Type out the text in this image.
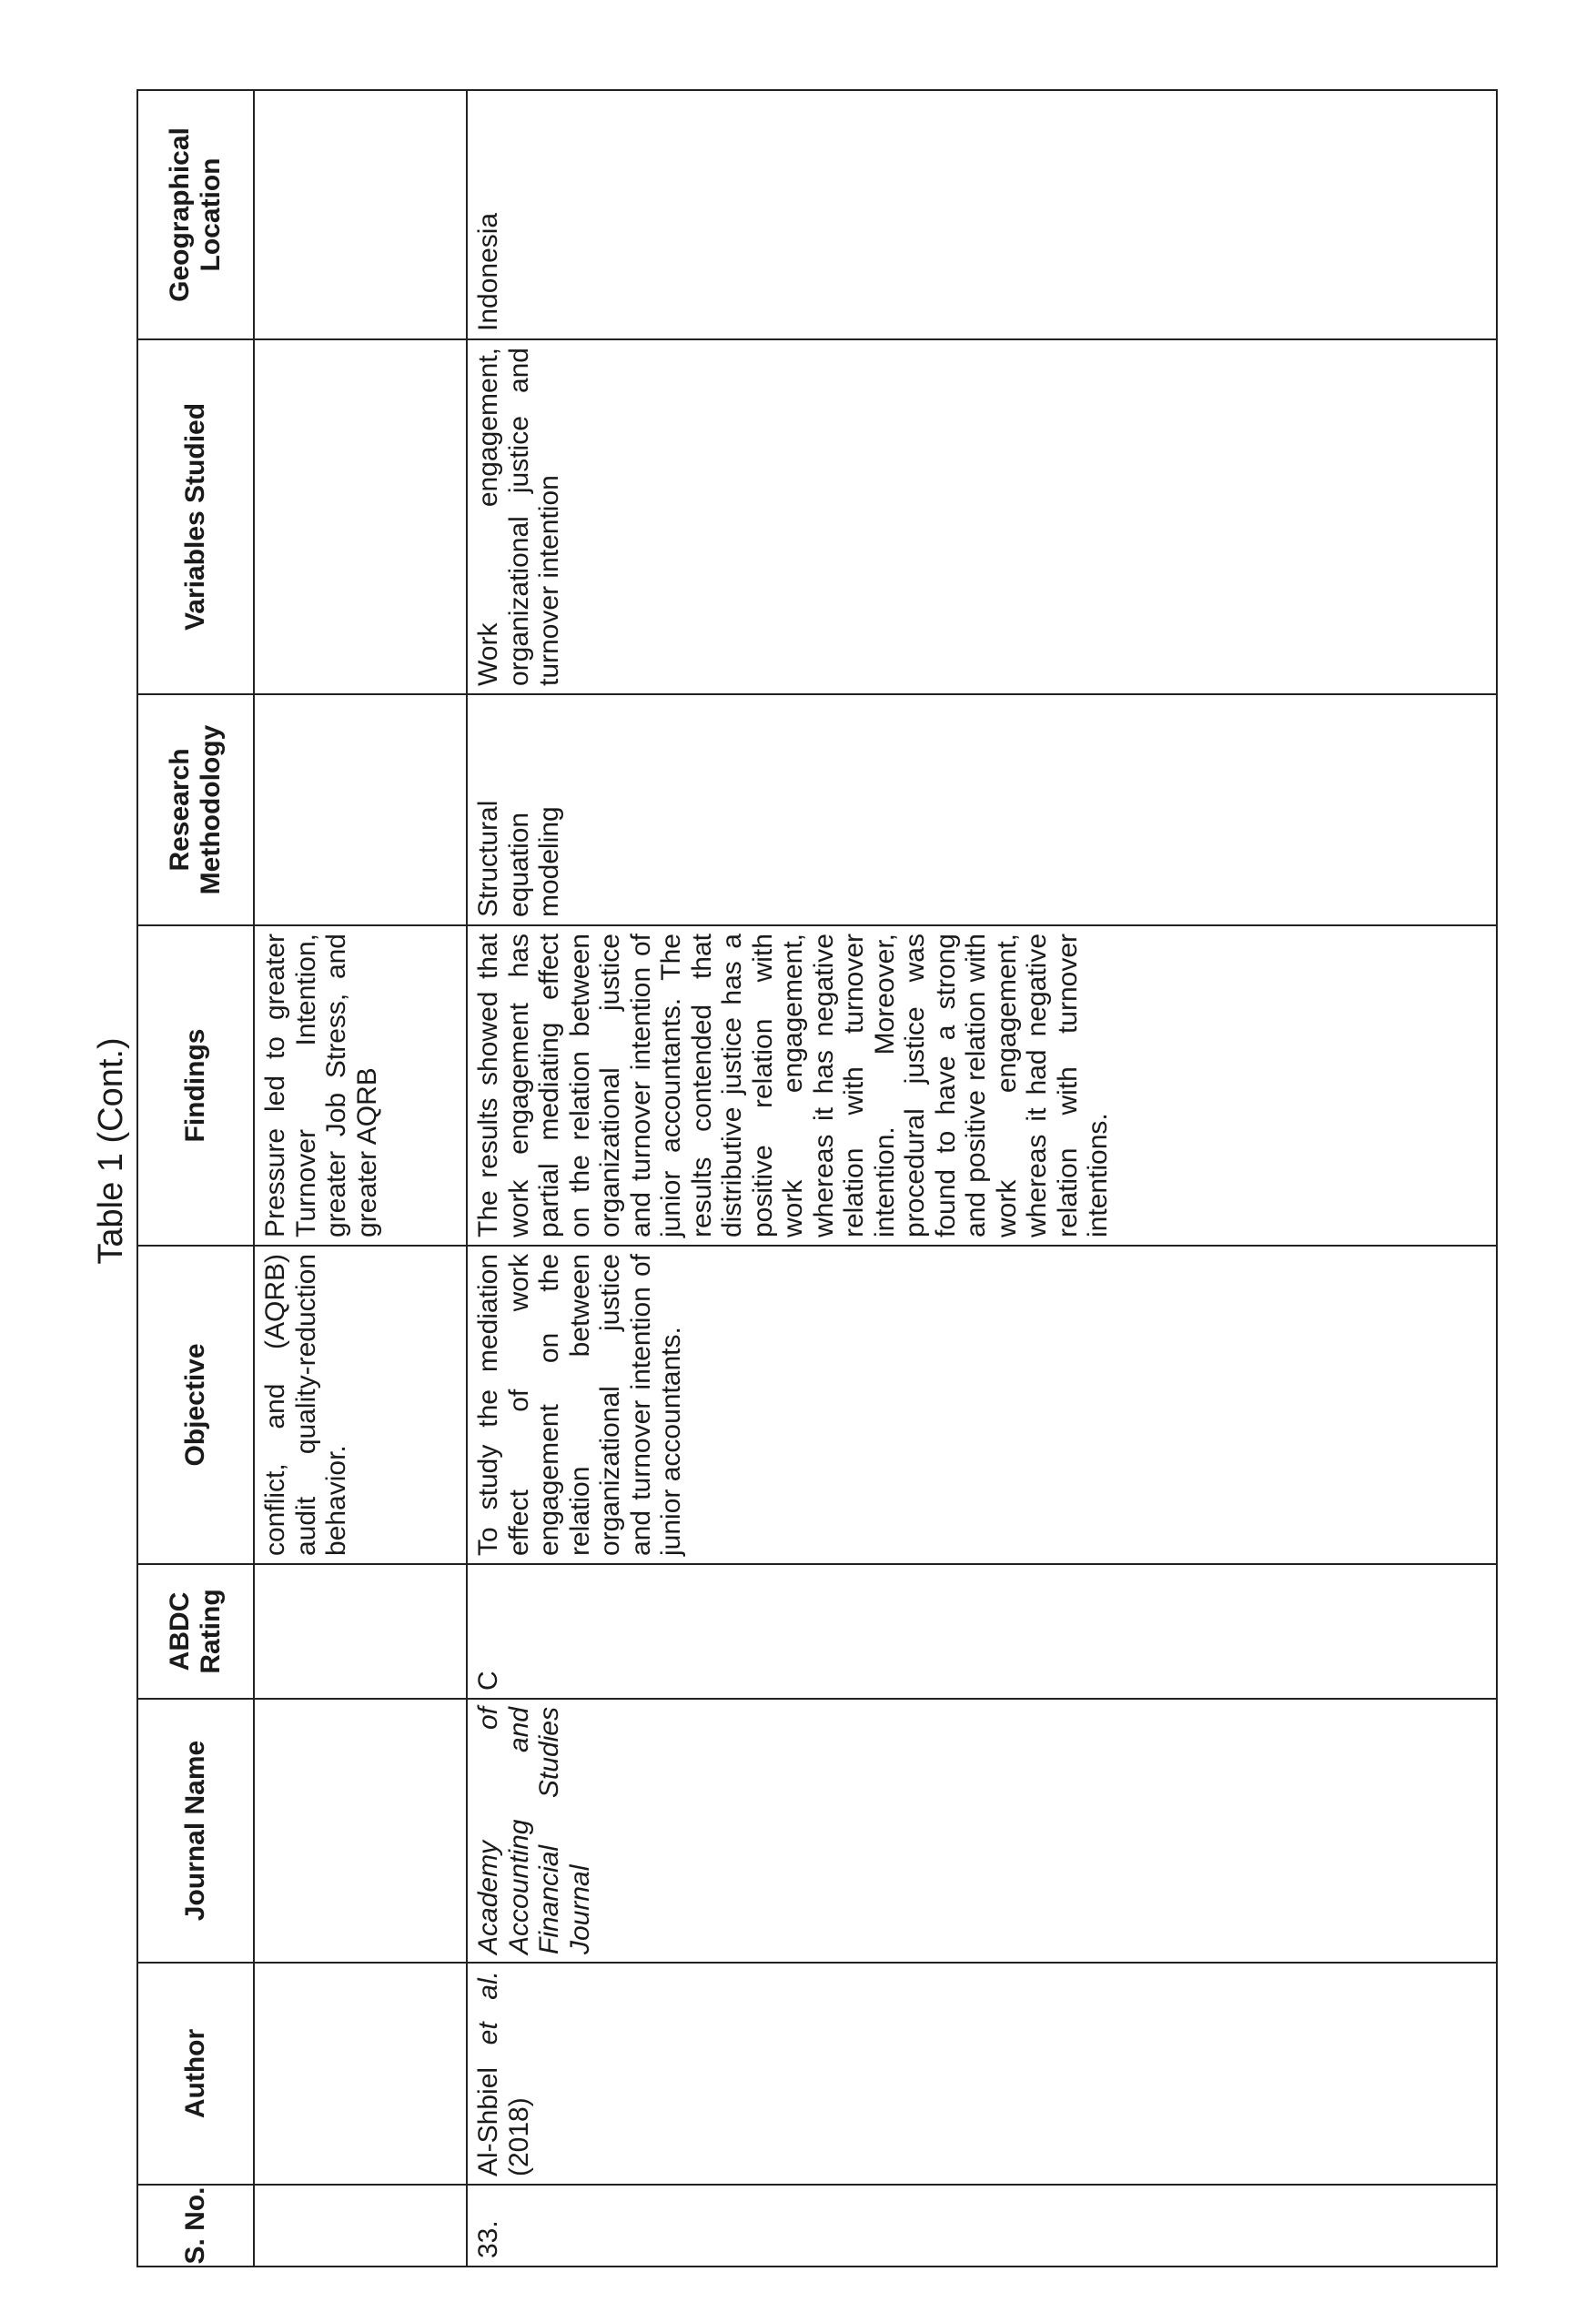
Table 1 (Cont.)
S. No.	Author	Journal Name	ABDC Rating	Objective	Findings	Research Methodology	Variables Studied	Geographical Location

				conflict, and (AQRB) audit quality-reduction behavior.	Pressure led to greater Turnover Intention, greater Job Stress, and greater AQRB			

33.	Al-Shbiel et al. (2018)	Academy of Accounting and Financial Studies Journal	C	To study the mediation effect of work engagement on the relation between organizational justice and turnover intention of junior accountants.	The results showed that work engagement has partial mediating effect on the relation between organizational justice and turnover intention of junior accountants. The results contended that distributive justice has a positive relation with work engagement, whereas it has negative relation with turnover intention. Moreover, procedural justice was found to have a strong and positive relation with work engagement, whereas it had negative relation with turnover intentions.	Structural equation modeling	Work engagement, organizational justice and turnover intention	Indonesia
